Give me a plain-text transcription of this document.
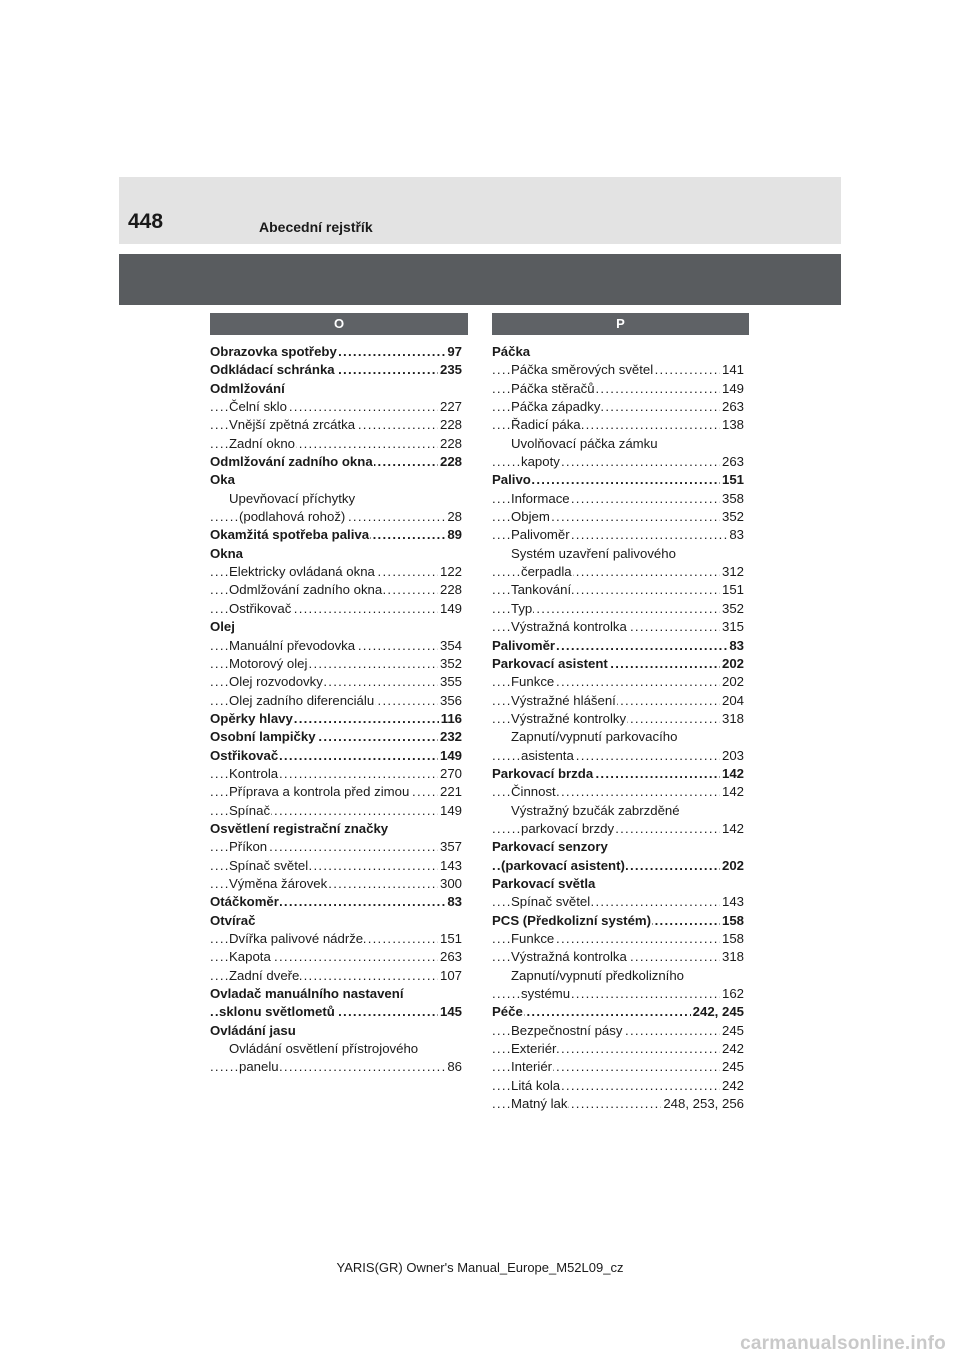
448	Abecední rejstřík
O	P
Obrazovka spotřeby	97
. . .
Odkládací schránka	235
. . .
Odmlžování
Čelní sklo	227
. . .
Vnější zpětná zrcátka	228
. . .
Zadní okno	228
. . .
Odmlžování zadního okna	228
. . .
Oka
Upevňovací příchytky
(podlahová rohož)	28
. . .
Okamžitá spotřeba paliva	89
. . .
Okna
Elektricky ovládaná okna	122
. . .
Odmlžování zadního okna	228
. . .
Ostřikovač	149
. . .
Olej
Manuální převodovka	354
. . .
Motorový olej	352
. . .
Olej rozvodovky	355
. . .
Olej zadního diferenciálu	356
. . .
Opěrky hlavy	116
. . .
Osobní lampičky	232
. . .
Ostřikovač	149
. . .
Kontrola	270
. . .
Příprava a kontrola před zimou 221
. . .
Spínač	149
. . .
Osvětlení registrační značky
Příkon	357
. . .
Spínač světel	143
. . .
Výměna žárovek	300
. . .
Otáčkoměr	83
. . .
Otvírač
Dvířka palivové nádrže	151
. . .
Kapota	263
. . .
Zadní dveře	107
. . .
Ovladač manuálního nastavení
sklonu světlometů	145
. . .
Ovládání jasu
Ovládání osvětlení přístrojového
panelu	86
. . .
Páčka
Páčka směrových světel	141
. . .
Páčka stěračů	149
. . .
Páčka západky	263
. . .
Řadicí páka	138
. . .
Uvolňovací páčka zámku
kapoty	263
. . .
Palivo	151
. . .
Informace	358
. . .
Objem	352
. . .
Palivoměr	83
. . .
Systém uzavření palivového
čerpadla	312
. . .
Tankování	151
. . .
Typ	352
. . .
Výstražná kontrolka	315
. . .
Palivoměr	83
. . .
Parkovací asistent	202
. . .
Funkce	202
. . .
Výstražné hlášení	204
. . .
Výstražné kontrolky	318
. . .
Zapnutí/vypnutí parkovacího
asistenta	203
. . .
Parkovací brzda	142
. . .
Činnost	142
. . .
Výstražný bzučák zabrzděné
parkovací brzdy	142
. . .
Parkovací senzory
(parkovací asistent)	202
. . .
Parkovací světla
Spínač světel	143
. . .
PCS (Předkolizní systém)	158
. . .
Funkce	158
. . .
Výstražná kontrolka	318
. . .
Zapnutí/vypnutí předkolizního
systému	162
. . .
Péče	242, 245
. . .
Bezpečnostní pásy	245
. . .
Exteriér	242
. . .
Interiér	245
. . .
Litá kola	242
. . .
Matný lak	248, 253, 256
. . .
YARIS(GR) Owner's Manual_Europe_M52L09_cz
carmanualsonline.info
